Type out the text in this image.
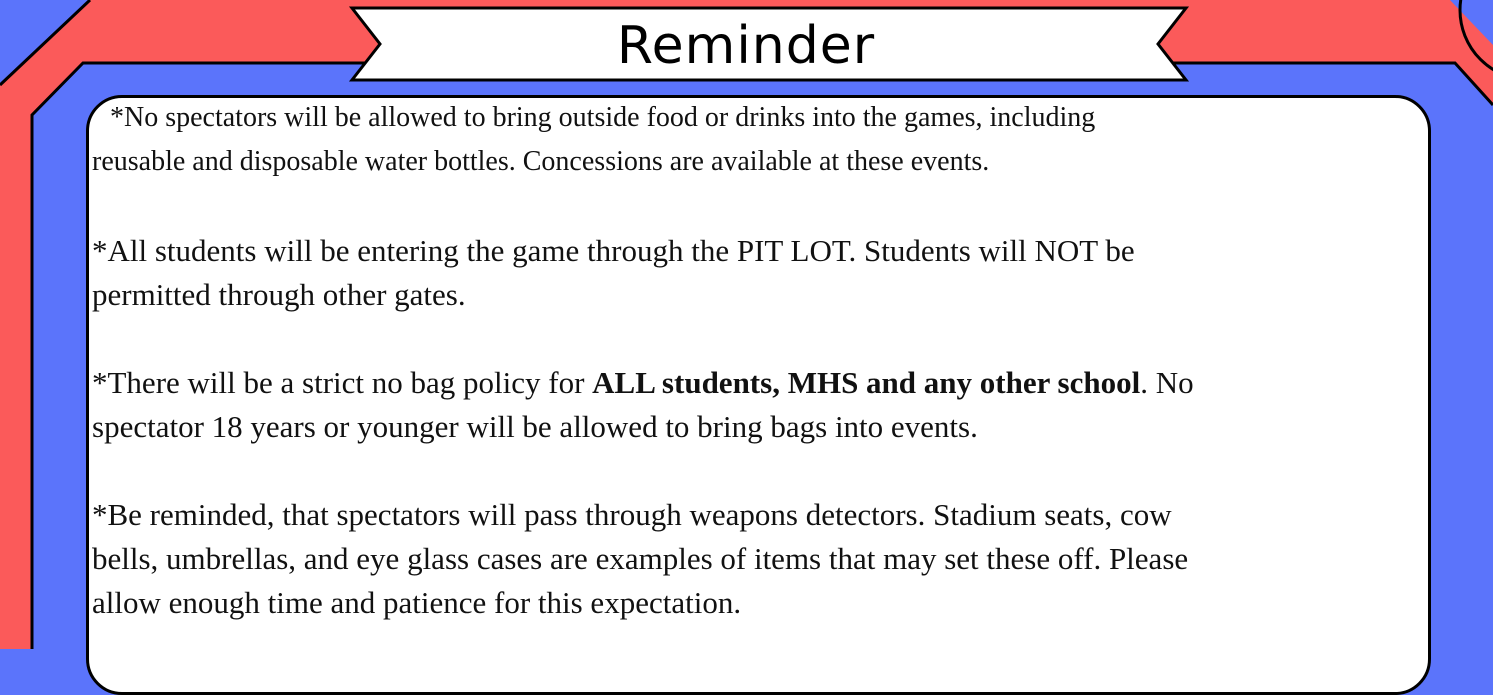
Reminder

*No spectators will be allowed to bring outside food or drinks into the games, including
reusable and disposable water bottles. Concessions are available at these events.

*All students will be entering the game through the PIT LOT. Students will NOT be
permitted through other gates.

*There will be a strict no bag policy for ALL students, MHS and any other school. No
spectator 18 years or younger will be allowed to bring bags into events.

*Be reminded, that spectators will pass through weapons detectors. Stadium seats, cow
bells, umbrellas, and eye glass cases are examples of items that may set these off. Please
allow enough time and patience for this expectation.
